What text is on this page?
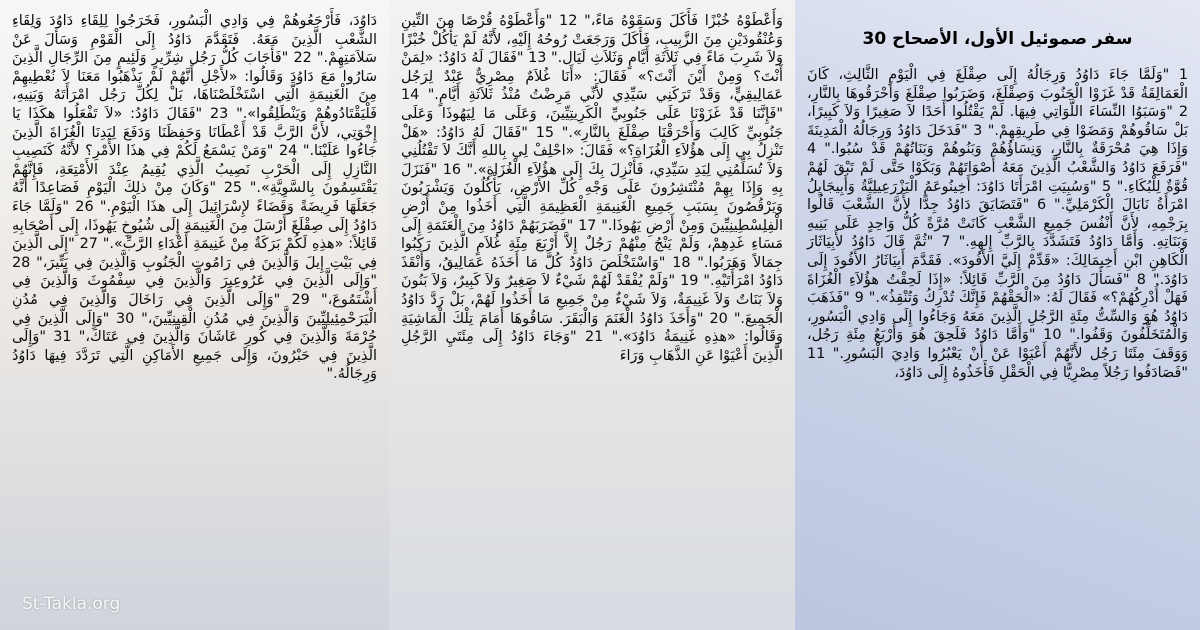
دَاوُدَ، فَأَرْجَعُوهُمْ فِي وَادِي الْبَسُورِ، فَخَرَجُوا لِلِقَاءِ دَاوُدَ وَلِقَاءِ الشَّعْبِ الَّذِينَ مَعَهُ. فَتَقَدَّمَ دَاوُدُ إِلَى الْقَوْمِ وَسَأَلَ عَنْ سَلاَمَتِهِمْ." 22 "فَأَجَابَ كُلُّ رَجُل شِرِّيرٍ وَلَئِيمٍ مِنَ الرِّجَالِ الَّذِينَ سَارُوا مَعَ دَاوُدَ وَقَالُوا: «لأَجْلِ أَنَّهُمْ لَمْ يَذْهَبُوا مَعَنَا لاَ نُعْطِيهِمْ مِنَ الْغَنِيمَةِ الَّتِي اسْتَخْلَصْنَاهَا، بَلْ لِكُلِّ رَجُل امْرَأَتَهُ وَبَنِيهِ، فَلْيَقْتَادُوهُمْ وَيَنْطَلِقُوا»." 23 "فَقَالَ دَاوُدُ: «لاَ تَفْعَلُوا هكَذَا يَا إِخْوَتِي، لأَنَّ الرَّبَّ قَدْ أَعْطَانَا وَحَفِظَنَا وَدَفَعَ لِيَدِنَا الْغُزَاةَ الَّذِينَ جَاءُوا عَلَيْنَا." 24 "وَمَنْ يَسْمَعُ لَكُمْ فِي هذَا الأَمْرِ؟ لأَنَّهُ كَنَصِيبِ النَّازِلِ إِلَى الْحَرْبِ نَصِيبُ الَّذِي يُقِيمُ عِنْدَ الأَمْتِعَةِ، فَإِنَّهُمْ يَقْتَسِمُونَ بِالسَّوِيَّةِ»." 25 "وَكَانَ مِنْ ذلِكَ الْيَوْمِ فَصَاعِدًا أَنَّهُ جَعَلَهَا فَرِيضَةً وَقَضَاءً لإِسْرَائِيلَ إِلَى هذَا الْيَوْمِ." 26 "وَلَمَّا جَاءَ دَاوُدُ إِلَى صِقْلَغَ أَرْسَلَ مِنَ الْغَنِيمَةِ إِلَى شُيُوخِ يَهُوذَا، إِلَى أَصْحَابِهِ قَائِلاً: «هذِهِ لَكُمْ بَرَكَةٌ مِنْ غَنِيمَةِ أَعْدَاءِ الرَّبِّ»." 27 "إِلَى الَّذِينَ فِي بَيْتِ إِيلَ وَالَّذِينَ فِي رَامُوتِ الْجَنُوبِ وَالَّذِينَ فِي يَتِّيرَ،" 28 "وَإِلَى الَّذِينَ فِي عَرُوعِيرَ وَالَّذِينَ فِي سِفْمُوثَ وَالَّذِينَ فِي أَشْتَمُوعَ،" 29 "وَإِلَى الَّذِينَ فِي رَاخَالَ وَالَّذِينَ فِي مُدُنِ الْيَرَحْمِئِيلِيِّينَ وَالَّذِينَ فِي مُدُنِ الْقِينِيِّينَ،" 30 "وَإِلَى الَّذِينَ فِي حُرْمَةَ وَالَّذِينَ فِي كُورِ عَاشَانَ وَالَّذِينَ فِي عَتَاكَ،" 31 "وَإِلَى الَّذِينَ فِي حَبْرُونَ، وَإِلَى جَمِيعِ الأَمَاكِنِ الَّتِي تَرَدَّدَ فِيهَا دَاوُدُ وَرِجَالُهُ."

St-Takla.org

وَأَعْطَوْهُ خُبْزًا فَأَكَلَ وَسَقَوْهُ مَاءً،" 12 "وَأَعْطَوْهُ قُرْصًا مِنَ التِّينِ وَعُنْقُودَيْنِ مِنَ الزَّبِيبِ، فَأَكَلَ وَرَجَعَتْ رُوحُهُ إِلَيْهِ، لأَنَّهُ لَمْ يَأْكُلْ خُبْزًا وَلاَ شَرِبَ مَاءً فِي ثَلاَثَةِ أَيَّامٍ وَثَلاَثِ لَيَال." 13 "فَقَالَ لَهُ دَاوُدُ: «لِمَنْ أَنْتَ؟ وَمِنْ أَيْنَ أَنْتَ؟» فَقَالَ: «أَنَا غُلاَمٌ مِصْرِيٌّ عَبْدٌ لِرَجُل عَمَالِيقِيٍّ، وَقَدْ تَرَكَنِي سَيِّدِي لأَنِّي مَرِضْتُ مُنْذُ ثَلاَثَةِ أَيَّامٍ." 14 "فَإِنَّنَا قَدْ غَزَوْنَا عَلَى جَنُوبِيِّ الْكَرِيتِيِّينَ، وَعَلَى مَا لِيَهُوذَا وَعَلَى جَنُوبِيِّ كَالِبَ وَأَحْرَقْنَا صِقْلَغَ بِالنَّارِ»." 15 "فَقَالَ لَهُ دَاوُدُ: «هَلْ تَنْزِلُ بِي إِلَى هؤُلاَءِ الْغُزَاةِ؟» فَقَالَ: «احْلِفْ لِي بِاللهِ أَنَّكَ لاَ تَقْتُلُنِي وَلاَ تُسَلِّمُنِي لِيَدِ سَيِّدِي، فَأَنْزِلَ بِكَ إِلَى هؤُلاَءِ الْغُزَاةِ»." 16 "فَنَزَلَ بِهِ وَإِذَا بِهِمْ مُنْتَشِرُونَ عَلَى وَجْهِ كُلِّ الأَرْضِ، يَأْكُلُونَ وَيَشْرَبُونَ وَيَرْقُصُونَ بِسَبَبِ جَمِيعِ الْغَنِيمَةِ الْعَظِيمَةِ الَّتِي أَخَذُوا مِنْ أَرْضِ الْفِلِسْطِينِيِّينَ وَمِنْ أَرْضِ يَهُوذَا." 17 "فَضَرَبَهُمْ دَاوُدُ مِنَ الْعَتَمَةِ إِلَى مَسَاءِ غَدِهِمْ، وَلَمْ يَنْجُ مِنْهُمْ رَجُلٌ إِلاَّ أَرْبَعَ مِئَةِ غُلاَمٍ الَّذِينَ رَكِبُوا جِمَالاً وَهَرَبُوا." 18 "وَاسْتَخْلَصَ دَاوُدُ كُلَّ مَا أَخَذَهُ عَمَالِيقُ، وَأَنْقَذَ دَاوُدُ امْرَأَتَيْهِ." 19 "وَلَمْ يُفْقَدْ لَهُمْ شَيْءٌ لاَ صَغِيرٌ وَلاَ كَبِيرٌ، وَلاَ بَنُونَ وَلاَ بَنَاتٌ وَلاَ غَنِيمَةٌ، وَلاَ شَيْءٌ مِنْ جَمِيعِ مَا أَخَذُوا لَهُمْ، بَلْ رَدَّ دَاوُدُ الْجَمِيعَ." 20 "وَأَخَذَ دَاوُدُ الْغَنَمَ وَالْبَقَرَ. سَاقُوهَا أَمَامَ تِلْكَ الْمَاشِيَةِ وَقَالُوا: «هذِهِ غَنِيمَةُ دَاوُدَ»." 21 "وَجَاءَ دَاوُدُ إِلَى مِئَتَيِ الرَّجُلِ الَّذِينَ أَعْيَوْا عَنِ الذَّهَابِ وَرَاءَ

سفر صموئيل الأول، الأصحاح 30

1 "وَلَمَّا جَاءَ دَاوُدُ وَرِجَالُهُ إِلَى صِقْلَغَ فِي الْيَوْمِ الثَّالِثِ، كَانَ الْعَمَالِقَةُ قَدْ غَزَوْا الْجَنُوبَ وَصِقْلَغَ، وَضَرَبُوا صِقْلَغَ وَأَحْرَقُوهَا بِالنَّارِ، 2 "وَسَبَوُا النِّسَاءَ اللَّوَاتِي فِيهَا. لَمْ يَقْتُلُوا أَحَدًا لاَ صَغِيرًا وَلاَ كَبِيرًا، بَلْ سَاقُوهُمْ وَمَضَوْا فِي طَرِيقِهِمْ." 3 "فَدَخَلَ دَاوُدُ وَرِجَالُهُ الْمَدِينَةَ وَإِذَا هِيَ مُحْرَقَةٌ بِالنَّارِ، وَنِسَاؤُهُمْ وَبَنُوهُمْ وَبَنَاتُهُمْ قَدْ سُبُوا." 4 "فَرَفَعَ دَاوُدُ وَالشَّعْبُ الَّذِينَ مَعَهُ أَصْوَاتَهُمْ وَبَكَوْا حَتَّى لَمْ تَبْقَ لَهُمْ قُوَّةٌ لِلْبُكَاءِ." 5 "وَسُبِيَتِ امْرَأَتَا دَاوُدَ: أَخِينُوعَمُ الْيَزْرَعِيلِيَّةُ وَأَبِيجَايِلُ امْرَأَةُ نَابَالَ الْكَرْمَلِيِّ." 6 "فَتَضَايَقَ دَاوُدُ جِدًّا لأَنَّ الشَّعْبَ قَالُوا بِرَجْمِهِ، لأَنَّ أَنْفُسَ جَمِيعِ الشَّعْبِ كَانَتْ مُرَّةً كُلُّ وَاحِدٍ عَلَى بَنِيهِ وَبَنَاتِهِ. وَأَمَّا دَاوُدُ فَتَشَدَّدَ بِالرَّبِّ إِلهِهِ." 7 "ثُمَّ قَالَ دَاوُدُ لأَبِيَاثَارَ الْكَاهِنِ ابْنِ أَخِيمَالِكَ: «قَدِّمْ إِلَيَّ الأَفُودَ». فَقَدَّمَ أَبِيَاثَارُ الأَفُودَ إِلَى دَاوُدَ." 8 "فَسَأَلَ دَاوُدُ مِنَ الرَّبِّ قَائِلاً: «إِذَا لَحِقْتُ هؤُلاَءِ الْغُزَاةَ فَهَلْ أُدْرِكُهُمْ؟» فَقَالَ لَهُ: «الْحَقْهُمْ فَإِنَّكَ تُدْرِكُ وَتُنْقِذُ»." 9 "فَذَهَبَ دَاوُدُ هُوَ وَالسِّتُّ مِئَةِ الرَّجُلِ الَّذِينَ مَعَهُ وَجَاءُوا إِلَى وَادِي الْبَسُورِ، وَالْمُتَخَلِّفُونَ وَقَفُوا." 10 "وَأَمَّا دَاوُدُ فَلَحِقَ هُوَ وَأَرْبَعُ مِئَةِ رَجُل، وَوَقَفَ مِئَتَا رَجُل لأَنَّهُمْ أَعْيَوْا عَنْ أَنْ يَعْبُرُوا وَادِيَ الْبَسُورِ." 11 "فَصَادَفُوا رَجُلاً مِصْرِيًّا فِي الْحَقْلِ فَأَخَذُوهُ إِلَى دَاوُدَ،
